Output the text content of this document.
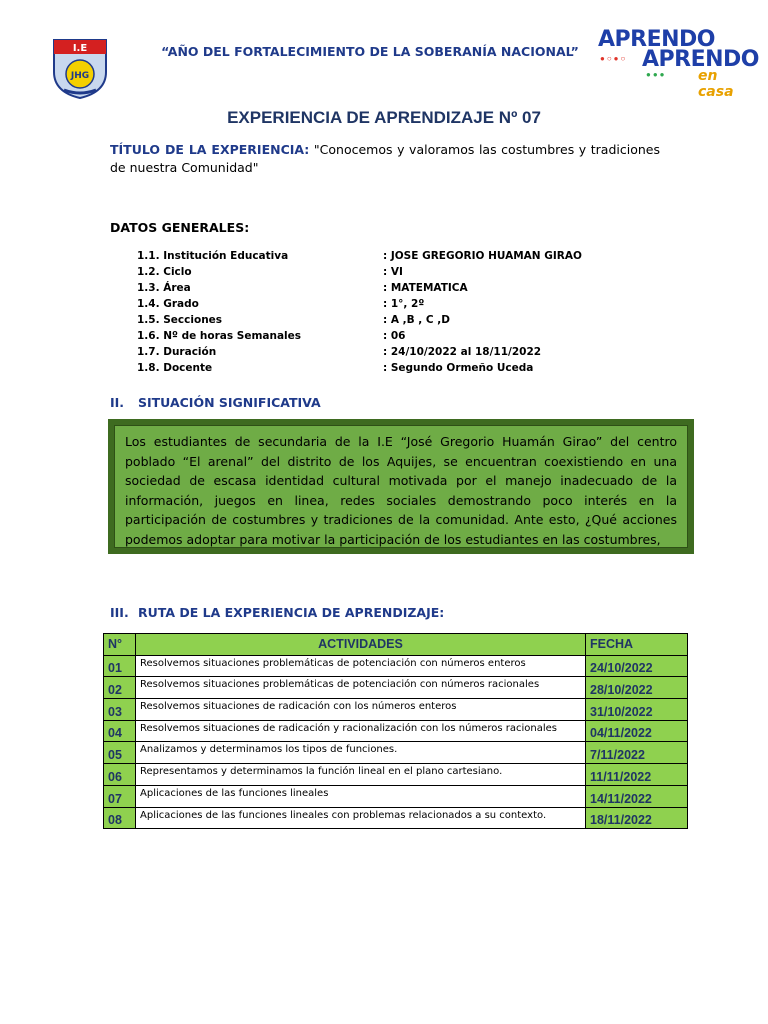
I.E
JHG
“AÑO DEL FORTALECIMIENTO DE LA SOBERANÍA NACIONAL” APRENDO
APRENDO
en casa
●○●○
●●●
EXPERIENCIA DE APRENDIZAJE Nº 07
TÍTULO DE LA EXPERIENCIA: "Conocemos y valoramos las costumbres y tradiciones de nuestra Comunidad"
DATOS GENERALES:
1.1. Institución Educativa	: JOSE GREGORIO HUAMAN GIRAO
1.2. Ciclo	: VI
1.3. Área	: MATEMATICA
1.4. Grado	: 1°, 2º
1.5. Secciones	: A ,B , C ,D
1.6. Nº de horas Semanales	: 06
1.7. Duración	: 24/10/2022 al 18/11/2022
1.8. Docente	: Segundo Ormeño Uceda
II. SITUACIÓN SIGNIFICATIVA

Los estudiantes de secundaria de la I.E “José Gregorio Huamán Girao” del centro poblado “El arenal” del distrito de los Aquijes, se encuentran coexistiendo en una sociedad de escasa identidad cultural motivada por el manejo inadecuado de la información, juegos en linea, redes sociales demostrando poco interés en la participación de costumbres y tradiciones de la comunidad. Ante esto, ¿Qué acciones podemos adoptar para motivar la participación de los estudiantes en las costumbres,

III. RUTA DE LA EXPERIENCIA DE APRENDIZAJE:
N°	ACTIVIDADES	FECHA
01	Resolvemos situaciones problemáticas de potenciación con números enteros	24/10/2022
02	Resolvemos situaciones problemáticas de potenciación con números racionales	28/10/2022
03	Resolvemos situaciones de radicación con los números enteros	31/10/2022
04	Resolvemos situaciones de radicación y racionalización con los números racionales	04/11/2022
05	Analizamos y determinamos los tipos de funciones.	7/11/2022
06	Representamos y determinamos la función lineal en el plano cartesiano.	11/11/2022
07	Aplicaciones de las funciones lineales	14/11/2022
08	Aplicaciones de las funciones lineales con problemas relacionados a su contexto.	18/11/2022
